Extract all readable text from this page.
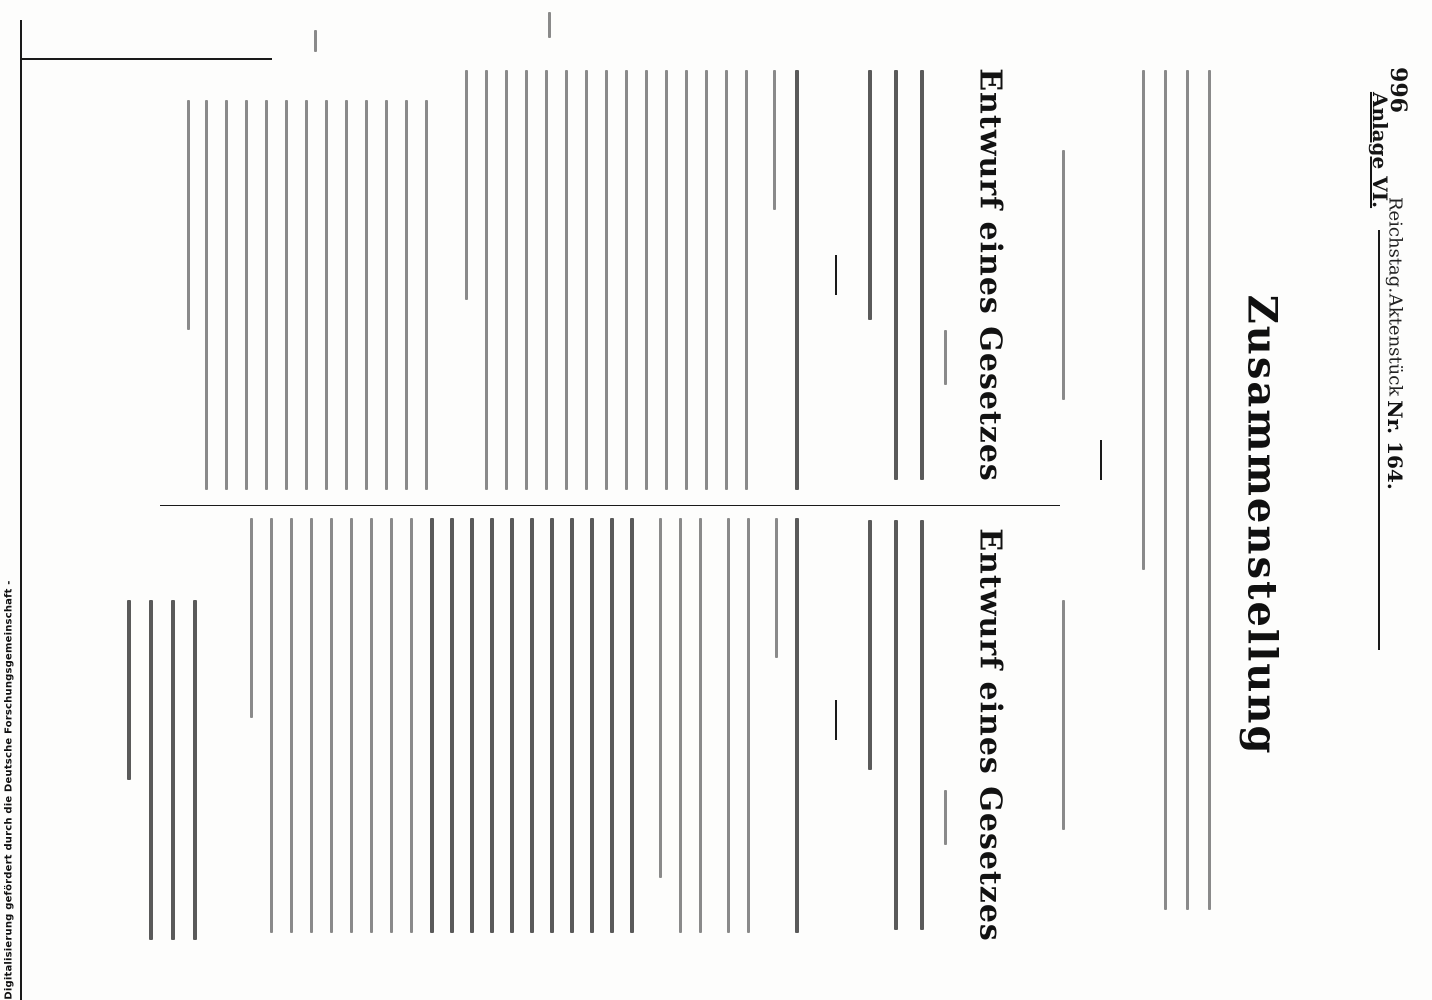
996
Anlage VI.
Reichstag.
Aktenstück
Nr. 164.
Zusammenstellung
Entwurf eines Gesetzes
Entwurf eines Gesetzes
Digitalisierung gefördert durch die Deutsche Forschungsgemeinschaft -
